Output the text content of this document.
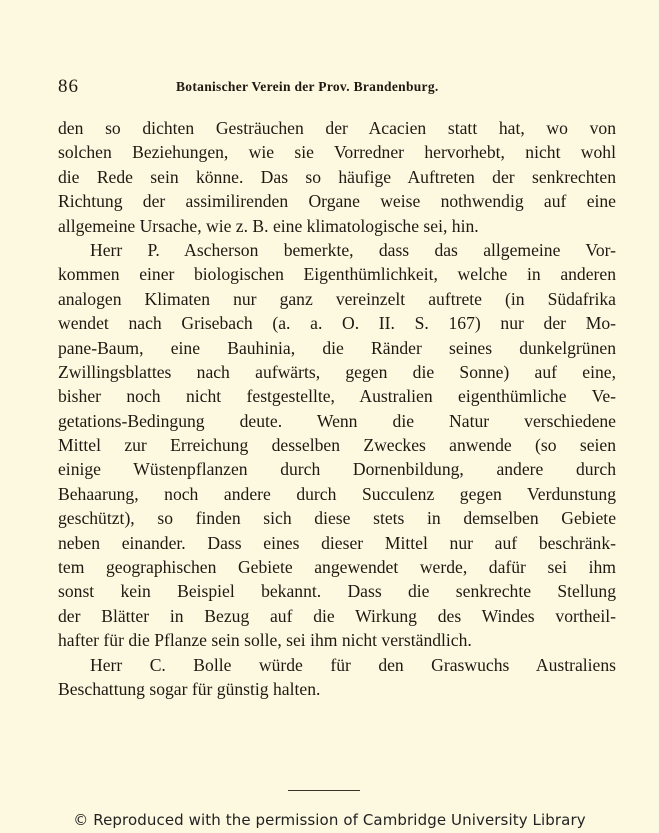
86	Botanischer Verein der Prov. Brandenburg.
den so dichten Gesträuchen der Acacien statt hat, wo von
solchen Beziehungen, wie sie Vorredner hervorhebt, nicht wohl
die Rede sein könne. Das so häufige Auftreten der senkrechten
Richtung der assimilirenden Organe weise nothwendig auf eine
allgemeine Ursache, wie z. B. eine klimatologische sei, hin.
Herr P. Ascherson bemerkte, dass das allgemeine Vor-
kommen einer biologischen Eigenthümlichkeit, welche in anderen
analogen Klimaten nur ganz vereinzelt auftrete (in Südafrika
wendet nach Grisebach (a. a. O. II. S. 167) nur der Mo-
pane-Baum, eine Bauhinia, die Ränder seines dunkelgrünen
Zwillingsblattes nach aufwärts, gegen die Sonne) auf eine,
bisher noch nicht festgestellte, Australien eigenthümliche Ve-
getations-Bedingung deute. Wenn die Natur verschiedene
Mittel zur Erreichung desselben Zweckes anwende (so seien
einige Wüstenpflanzen durch Dornenbildung, andere durch
Behaarung, noch andere durch Succulenz gegen Verdunstung
geschützt), so finden sich diese stets in demselben Gebiete
neben einander. Dass eines dieser Mittel nur auf beschränk-
tem geographischen Gebiete angewendet werde, dafür sei ihm
sonst kein Beispiel bekannt. Dass die senkrechte Stellung
der Blätter in Bezug auf die Wirkung des Windes vortheil-
hafter für die Pflanze sein solle, sei ihm nicht verständlich.
Herr C. Bolle würde für den Graswuchs Australiens
Beschattung sogar für günstig halten.
© Reproduced with the permission of Cambridge University Library
